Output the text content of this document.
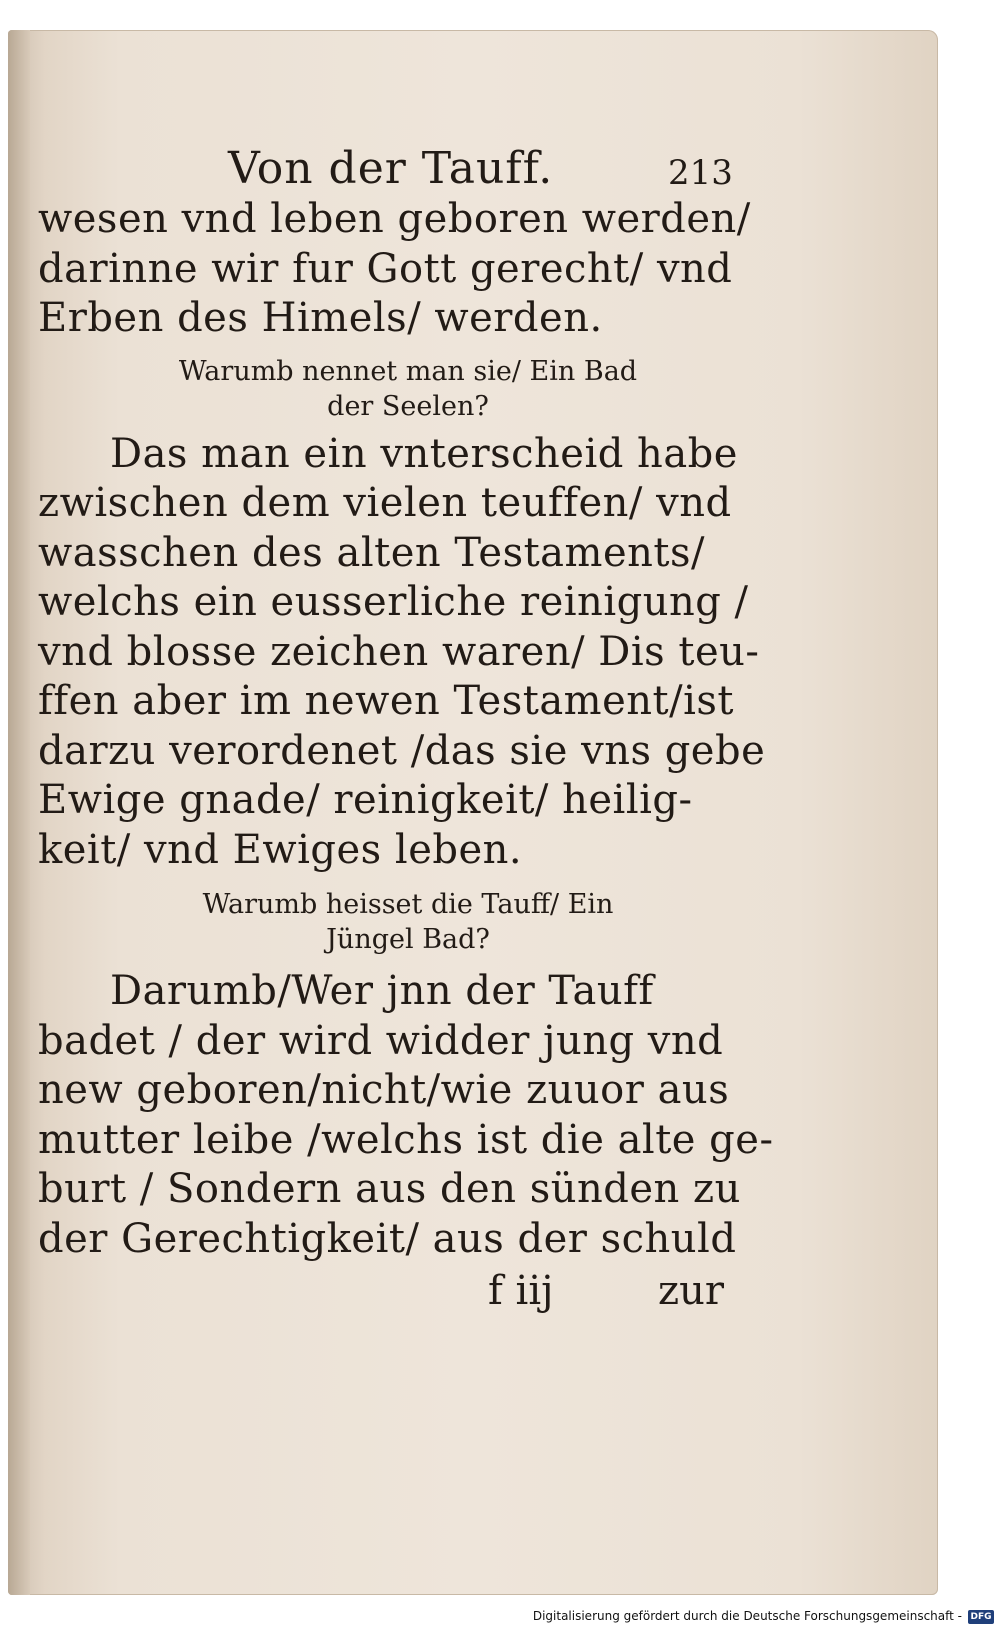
Von der Tauff.	213
wesen vnd leben geboren werden/
darinne wir fur Gott gerecht/ vnd
Erben des Himels/ werden.
Warumb nennet man sie/ Ein Bad
der Seelen?
Das man ein vnterscheid habe
zwischen dem vielen teuffen/ vnd
wasschen des alten Testaments/
welchs ein eusserliche reinigung /
vnd blosse zeichen waren/ Dis teu-
ffen aber im newen Testament/ist
darzu verordenet /das sie vns gebe
Ewige gnade/ reinigkeit/ heilig-
keit/ vnd Ewiges leben.
Warumb heisset die Tauff/ Ein
Jüngel Bad?
Darumb/Wer jnn der Tauff
badet / der wird widder jung vnd
new geboren/nicht/wie zuuor aus
mutter leibe /welchs ist die alte ge-
burt / Sondern aus den sünden zu
der Gerechtigkeit/ aus der schuld
f iij	zur
Digitalisierung gefördert durch die Deutsche Forschungsgemeinschaft - DFG
